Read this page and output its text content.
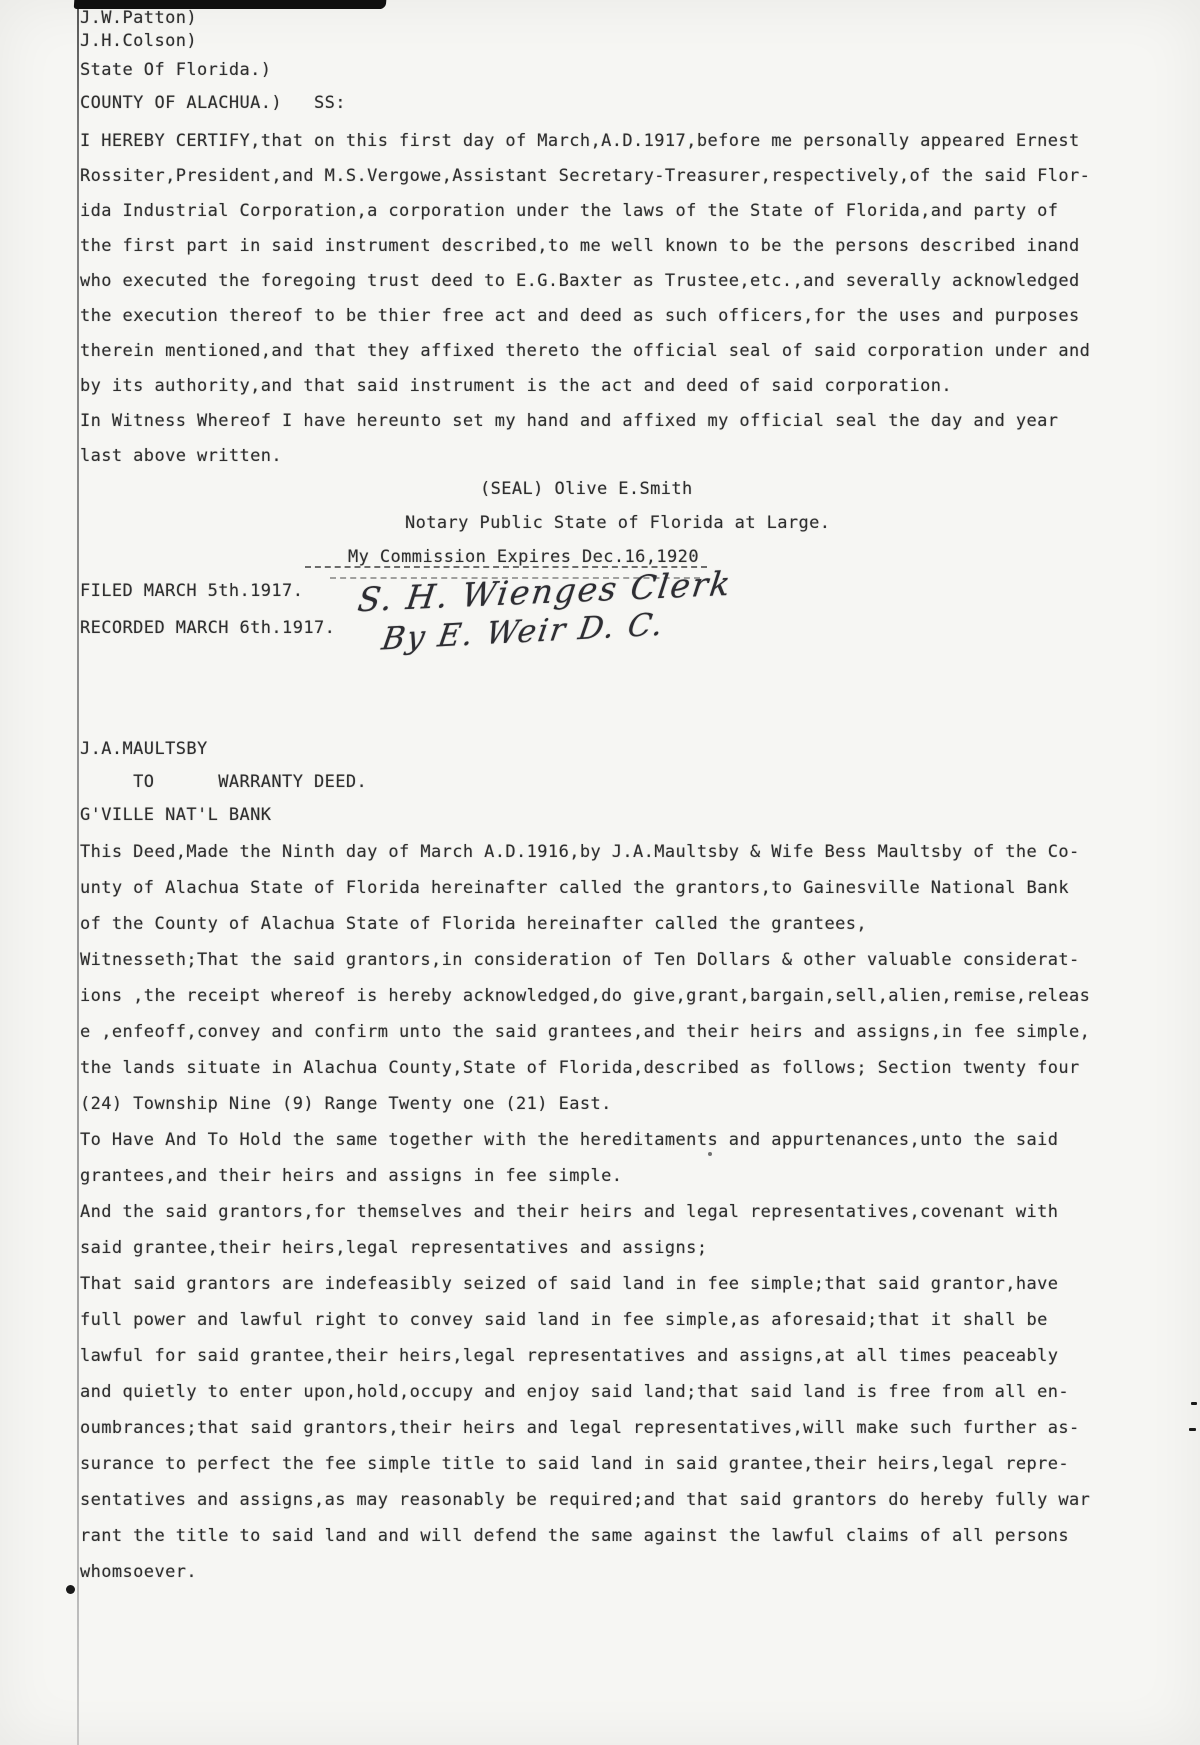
J.W.Patton)
J.H.Colson)
State Of Florida.)
COUNTY OF ALACHUA.)   SS:
I HEREBY CERTIFY,that on this first day of March,A.D.1917,before me personally appeared Ernest
Rossiter,President,and M.S.Vergowe,Assistant Secretary-Treasurer,respectively,of the said Flor-
ida Industrial Corporation,a corporation under the laws of the State of Florida,and party of
the first part in said instrument described,to me well known to be the persons described inand
who executed the foregoing trust deed to E.G.Baxter as Trustee,etc.,and severally acknowledged
the execution thereof to be thier free act and deed as such officers,for the uses and purposes
therein mentioned,and that they affixed thereto the official seal of said corporation under and
by its authority,and that said instrument is the act and deed of said corporation.
In Witness Whereof I have hereunto set my hand and affixed my official seal the day and year
last above written.
(SEAL) Olive E.Smith
Notary Public State of Florida at Large.
My Commission Expires Dec.16,1920
FILED MARCH 5th.1917.
RECORDED MARCH 6th.1917.
S. H. Wienges Clerk
By E. Weir D. C.
J.A.MAULTSBY
TO      WARRANTY DEED.
G'VILLE NAT'L BANK
This Deed,Made the Ninth day of March A.D.1916,by J.A.Maultsby & Wife Bess Maultsby of the Co-
unty of Alachua State of Florida hereinafter called the grantors,to Gainesville National Bank
of the County of Alachua State of Florida hereinafter called the grantees,
Witnesseth;That the said grantors,in consideration of Ten Dollars & other valuable considerat-
ions ,the receipt whereof is hereby acknowledged,do give,grant,bargain,sell,alien,remise,releas
e ,enfeoff,convey and confirm unto the said grantees,and their heirs and assigns,in fee simple,
the lands situate in Alachua County,State of Florida,described as follows; Section twenty four
(24) Township Nine (9) Range Twenty one (21) East.
To Have And To Hold the same together with the hereditaments and appurtenances,unto the said
grantees,and their heirs and assigns in fee simple.
And the said grantors,for themselves and their heirs and legal representatives,covenant with
said grantee,their heirs,legal representatives and assigns;
That said grantors are indefeasibly seized of said land in fee simple;that said grantor,have
full power and lawful right to convey said land in fee simple,as aforesaid;that it shall be
lawful for said grantee,their heirs,legal representatives and assigns,at all times peaceably
and quietly to enter upon,hold,occupy and enjoy said land;that said land is free from all en-
oumbrances;that said grantors,their heirs and legal representatives,will make such further as-
surance to perfect the fee simple title to said land in said grantee,their heirs,legal repre-
sentatives and assigns,as may reasonably be required;and that said grantors do hereby fully war
rant the title to said land and will defend the same against the lawful claims of all persons
whomsoever.
